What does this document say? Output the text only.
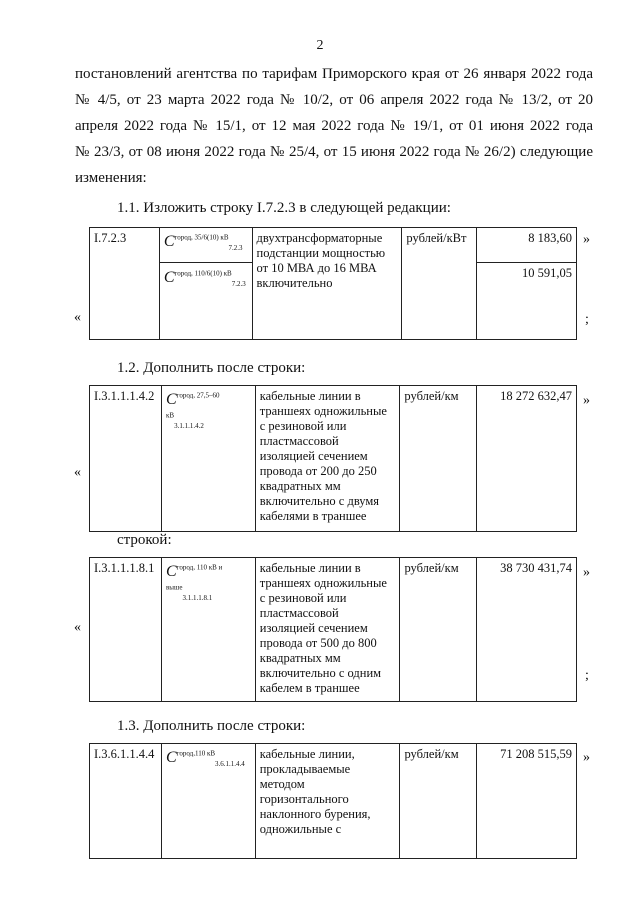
2
постановлений агентства по тарифам Приморского края от 26 января 2022 года
№ 4/5, от 23 марта 2022 года № 10/2, от 06 апреля 2022 года № 13/2, от 20
апреля 2022 года № 15/1, от 12 мая 2022 года № 19/1, от 01 июня 2022 года
№ 23/3, от 08 июня 2022 года № 25/4, от 15 июня 2022 года № 26/2) следующие
изменения:
1.1. Изложить строку I.7.2.3 в следующей редакции:
I.7.2.3	$C^{город, 35/6(10) кВ}_{7.2.3}$	двухтрансформаторные подстанции мощностью от 10 МВА до 16 МВА включительно	рублей/кВт	8 183,60
	$C^{город, 110/6(10) кВ}_{7.2.3}$			10 591,05
«
»
;
1.2. Дополнить после строки:
I.3.1.1.1.4.2	$C^{город, 27,5-60 кВ}_{3.1.1.1.4.2}$	кабельные линии в траншеях одножильные с резиновой или пластмассовой изоляцией сечением провода от 200 до 250 квадратных мм включительно с двумя кабелями в траншее	рублей/км	18 272 632,47
«
»
строкой:
I.3.1.1.1.8.1	$C^{город, 110 кВ и выше}_{3.1.1.1.8.1}$	кабельные линии в траншеях одножильные с резиновой или пластмассовой изоляцией сечением провода от 500 до 800 квадратных мм включительно с одним кабелем в траншее	рублей/км	38 730 431,74
«
»
;
1.3. Дополнить после строки:
I.3.6.1.1.4.4	$C^{город,110 кВ}_{3.6.1.1.4.4}$	кабельные линии, прокладываемые методом горизонтального наклонного бурения, одножильные с	рублей/км	71 208 515,59 »
